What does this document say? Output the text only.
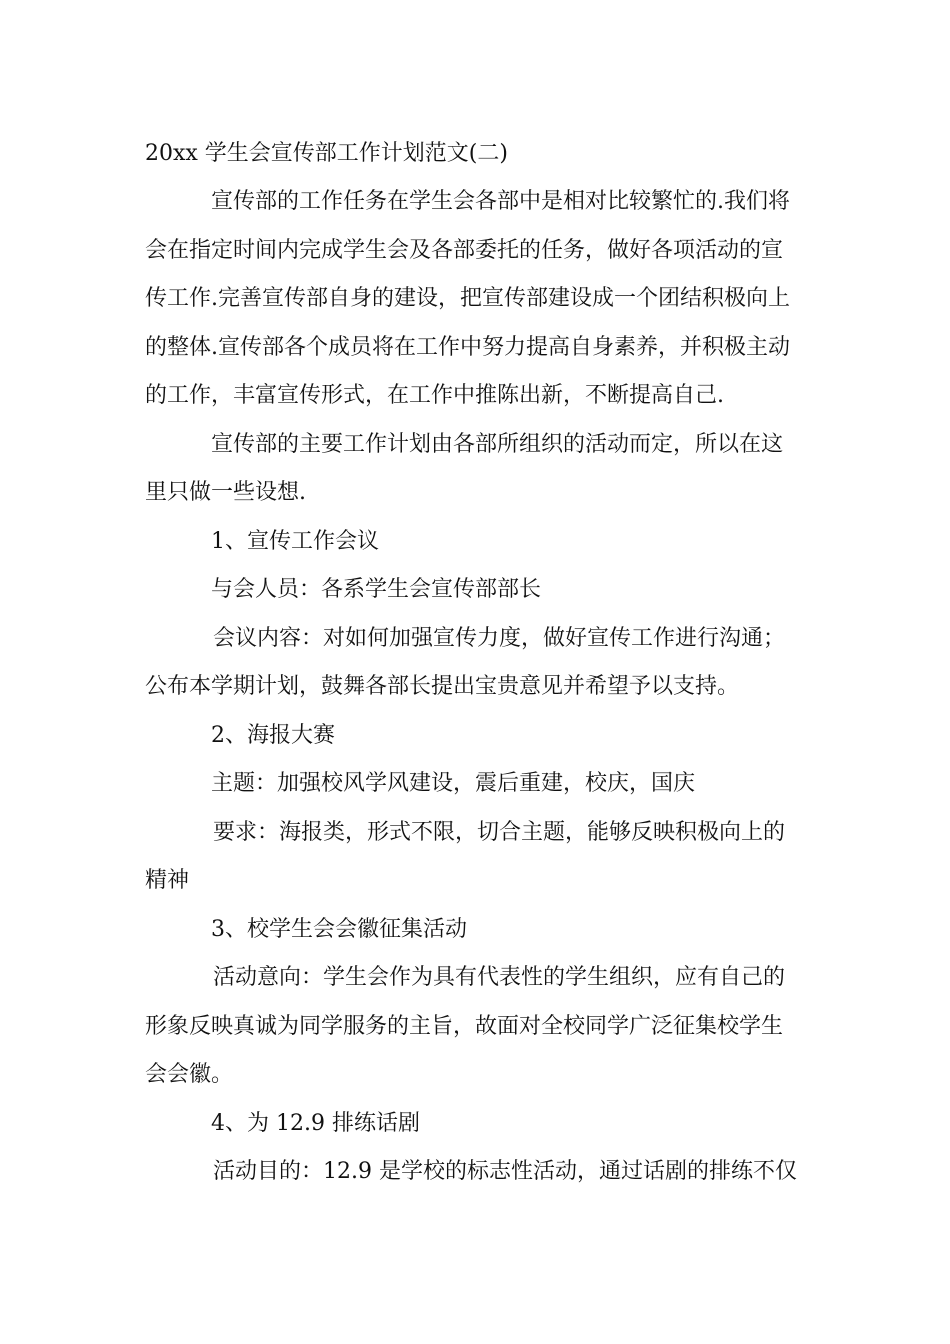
20xx 学生会宣传部工作计划范文(二)
宣传部的工作任务在学生会各部中是相对比较繁忙的.我们将
会在指定时间内完成学生会及各部委托的任务，做好各项活动的宣
传工作.完善宣传部自身的建设，把宣传部建设成一个团结积极向上
的整体.宣传部各个成员将在工作中努力提高自身素养，并积极主动
的工作，丰富宣传形式，在工作中推陈出新，不断提高自己.
宣传部的主要工作计划由各部所组织的活动而定，所以在这
里只做一些设想.
1、宣传工作会议
与会人员：各系学生会宣传部部长
会议内容：对如何加强宣传力度，做好宣传工作进行沟通；
公布本学期计划，鼓舞各部长提出宝贵意见并希望予以支持。
2、海报大赛
主题：加强校风学风建设，震后重建，校庆，国庆
要求：海报类，形式不限，切合主题，能够反映积极向上的
精神
3、校学生会会徽征集活动
活动意向：学生会作为具有代表性的学生组织，应有自己的
形象反映真诚为同学服务的主旨，故面对全校同学广泛征集校学生
会会徽。
4、为 12.9 排练话剧
活动目的：12.9 是学校的标志性活动，通过话剧的排练不仅
